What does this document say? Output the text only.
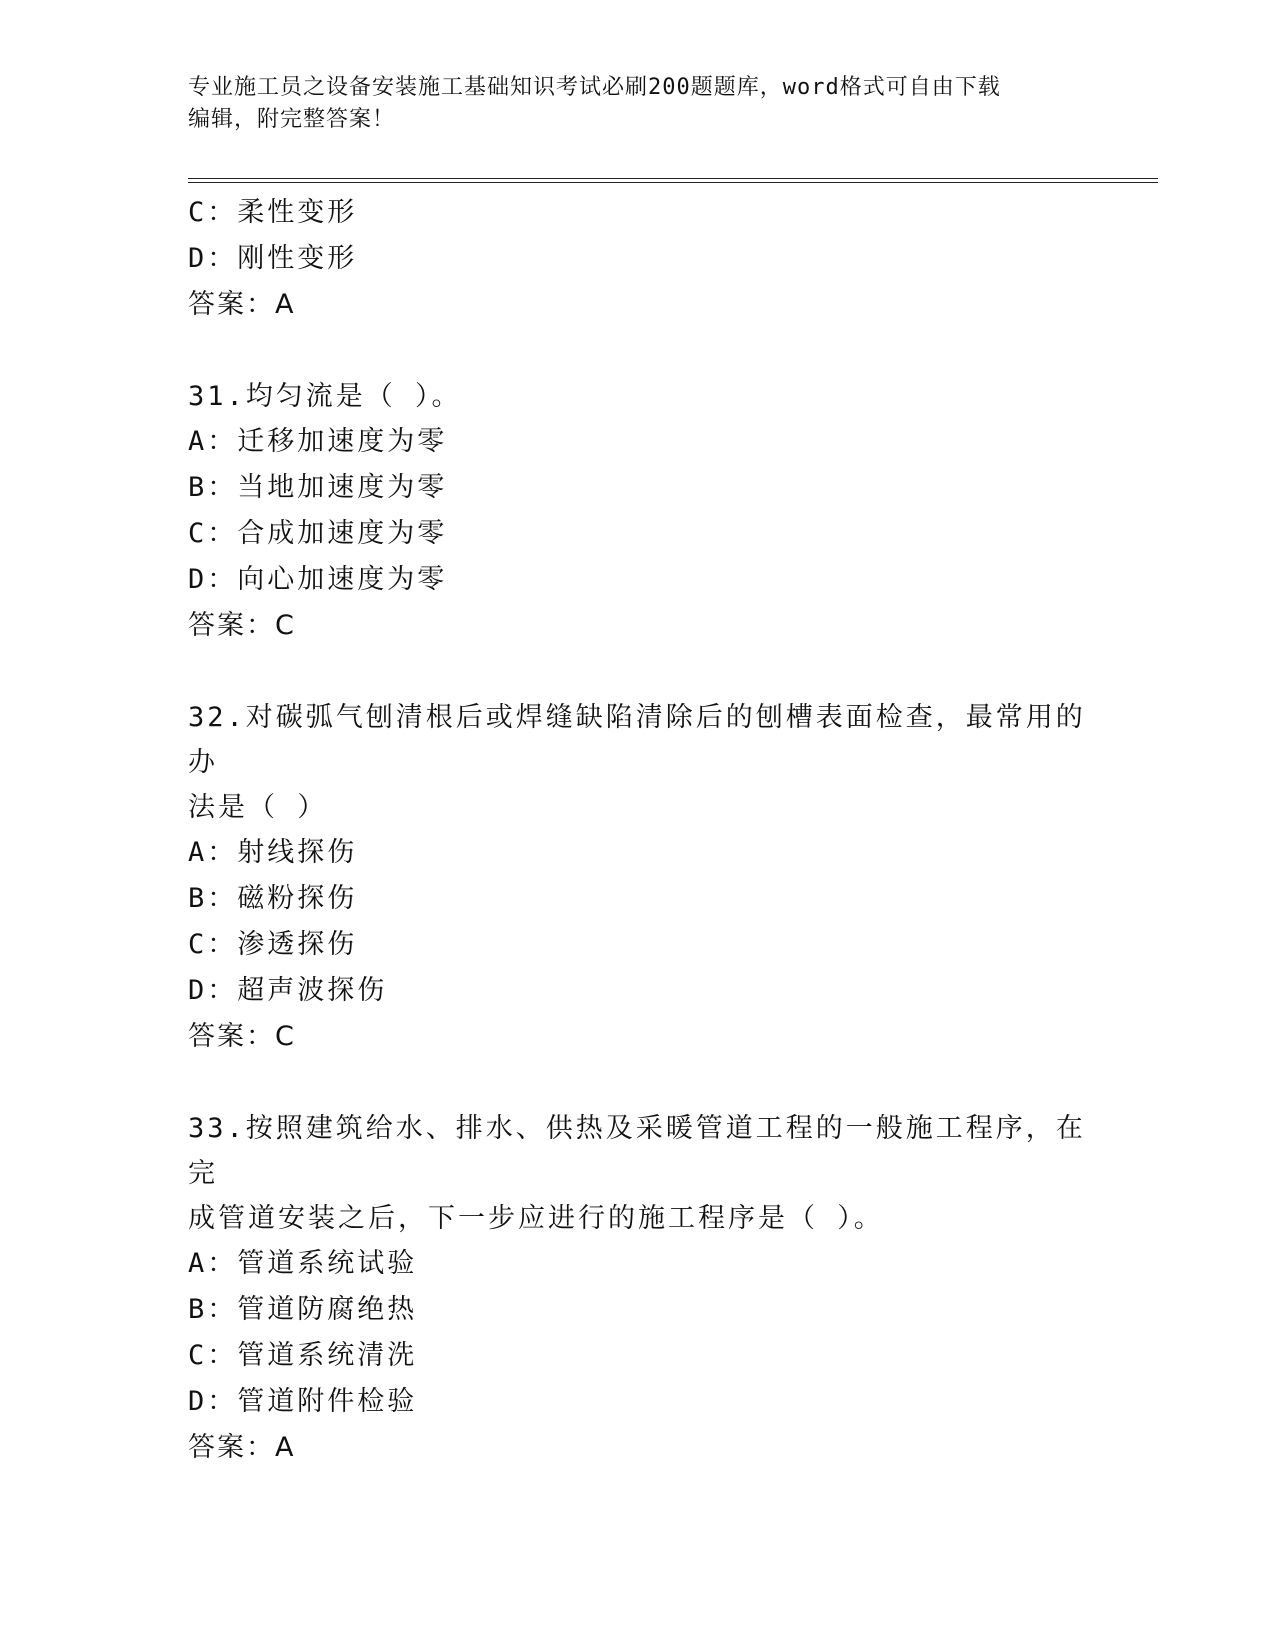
专业施工员之设备安装施工基础知识考试必刷200题题库，word格式可自由下载
编辑，附完整答案！
C：柔性变形
D：刚性变形
答案：A
31.均匀流是（ ）。
A：迁移加速度为零
B：当地加速度为零
C：合成加速度为零
D：向心加速度为零
答案：C
32.对碳弧气刨清根后或焊缝缺陷清除后的刨槽表面检查，最常用的办
法是（ ）
A：射线探伤
B：磁粉探伤
C：渗透探伤
D：超声波探伤
答案：C
33.按照建筑给水、排水、供热及采暖管道工程的一般施工程序，在完
成管道安装之后，下一步应进行的施工程序是（ ）。
A：管道系统试验
B：管道防腐绝热
C：管道系统清洗
D：管道附件检验
答案：A
